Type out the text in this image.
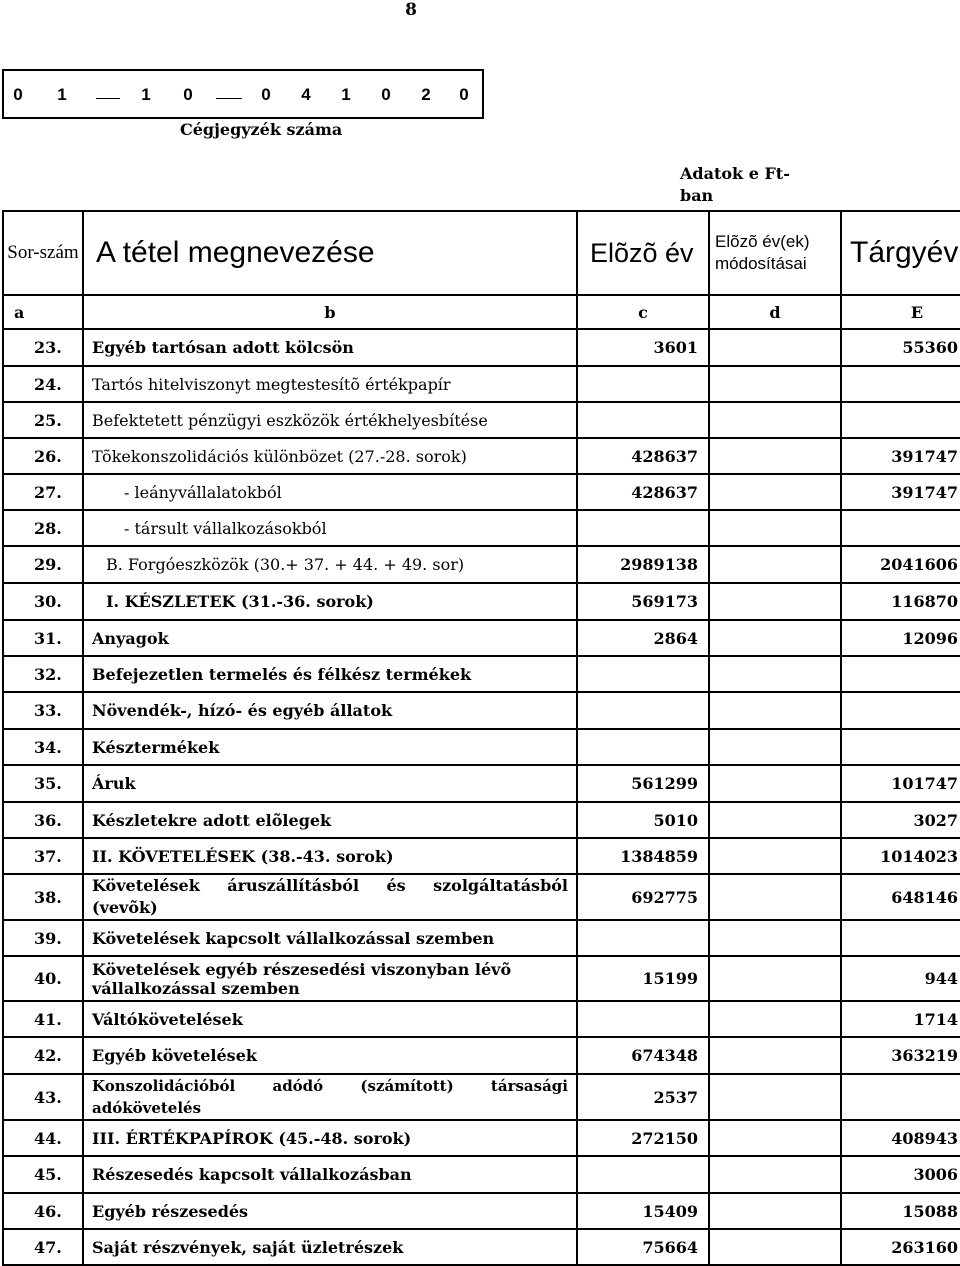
8
0	1	1	0	0	4	1	0	2	0
Cégjegyzék száma
Adatok e Ft-ban
Sor-szám	A tétel megnevezése	Elõzõ év	Elõzõ év(ek) módosításai	Tárgyév
a	b	c	d	E
23.	Egyéb tartósan adott kölcsön	3601		55360
24.	Tartós hitelviszonyt megtestesítõ értékpapír			
25.	Befektetett pénzügyi eszközök értékhelyesbítése			
26.	Tõkekonszolidációs különbözet (27.-28. sorok)	428637		391747
27.	- leányvállalatokból	428637		391747
28.	- társult vállalkozásokból			
29.	B. Forgóeszközök (30.+ 37. + 44. + 49. sor)	2989138		2041606
30.	I. KÉSZLETEK (31.-36. sorok)	569173		116870
31.	Anyagok	2864		12096
32.	Befejezetlen termelés és félkész termékek			
33.	Növendék-, hízó- és egyéb állatok			
34.	Késztermékek			
35.	Áruk	561299		101747
36.	Készletekre adott elõlegek	5010		3027
37.	II. KÖVETELÉSEK (38.-43. sorok)	1384859		1014023
38.	Követelések áruszállításból és szolgáltatásból (vevõk)	692775		648146
39.	Követelések kapcsolt vállalkozással szemben			
40.	Követelések egyéb részesedési viszonyban lévõ vállalkozással szemben	15199		944
41.	Váltókövetelések			1714
42.	Egyéb követelések	674348		363219
43.	Konszolidációból adódó (számított) társasági adókövetelés	2537		
44.	III. ÉRTÉKPAPÍROK (45.-48. sorok)	272150		408943
45.	Részesedés kapcsolt vállalkozásban			3006
46.	Egyéb részesedés	15409		15088
47.	Saját részvények, saját üzletrészek	75664		263160
